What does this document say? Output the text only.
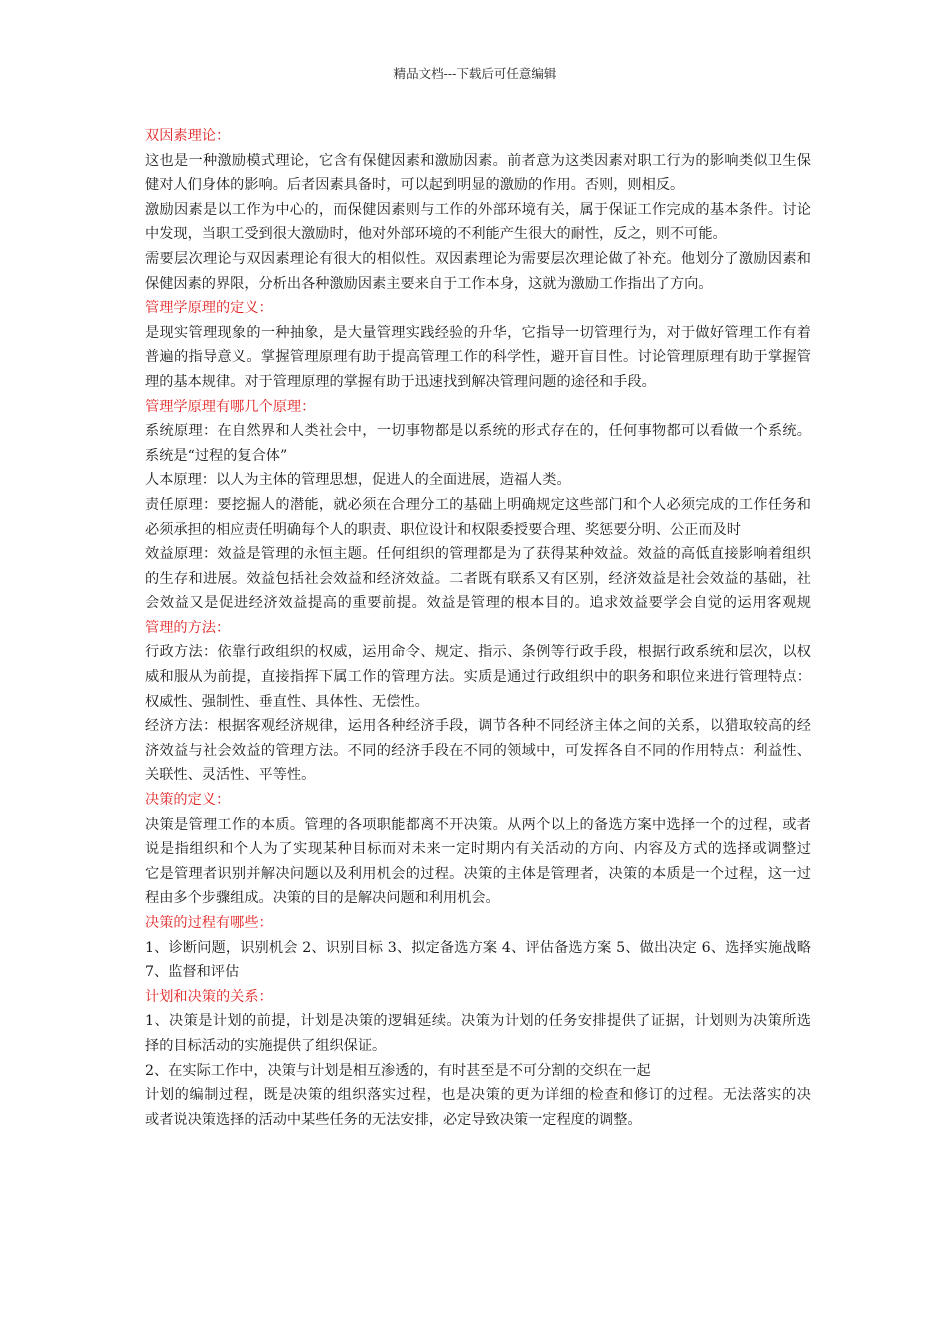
精品文档---下载后可任意编辑
双因素理论：
这也是一种激励模式理论，它含有保健因素和激励因素。前者意为这类因素对职工行为的影响类似卫生保
健对人们身体的影响。后者因素具备时，可以起到明显的激励的作用。否则，则相反。
激励因素是以工作为中心的，而保健因素则与工作的外部环境有关，属于保证工作完成的基本条件。讨论
中发现，当职工受到很大激励时，他对外部环境的不利能产生很大的耐性，反之，则不可能。
需要层次理论与双因素理论有很大的相似性。双因素理论为需要层次理论做了补充。他划分了激励因素和
保健因素的界限，分析出各种激励因素主要来自于工作本身，这就为激励工作指出了方向。
管理学原理的定义：
是现实管理现象的一种抽象，是大量管理实践经验的升华，它指导一切管理行为，对于做好管理工作有着
普遍的指导意义。掌握管理原理有助于提高管理工作的科学性，避开盲目性。讨论管理原理有助于掌握管
理的基本规律。对于管理原理的掌握有助于迅速找到解决管理问题的途径和手段。
管理学原理有哪几个原理：
系统原理：在自然界和人类社会中，一切事物都是以系统的形式存在的，任何事物都可以看做一个系统。
系统是“过程的复合体”
人本原理：以人为主体的管理思想，促进人的全面进展，造福人类。
责任原理：要挖掘人的潜能，就必须在合理分工的基础上明确规定这些部门和个人必须完成的工作任务和
必须承担的相应责任明确每个人的职责、职位设计和权限委授要合理、奖惩要分明、公正而及时
效益原理：效益是管理的永恒主题。任何组织的管理都是为了获得某种效益。效益的高低直接影响着组织
的生存和进展。效益包括社会效益和经济效益。二者既有联系又有区别，经济效益是社会效益的基础，社
会效益又是促进经济效益提高的重要前提。效益是管理的根本目的。追求效益要学会自觉的运用客观规
管理的方法：
行政方法：依靠行政组织的权威，运用命令、规定、指示、条例等行政手段，根据行政系统和层次，以权
威和服从为前提，直接指挥下属工作的管理方法。实质是通过行政组织中的职务和职位来进行管理特点：
权威性、强制性、垂直性、具体性、无偿性。
经济方法：根据客观经济规律，运用各种经济手段，调节各种不同经济主体之间的关系，以猎取较高的经
济效益与社会效益的管理方法。不同的经济手段在不同的领域中，可发挥各自不同的作用特点：利益性、
关联性、灵活性、平等性。
决策的定义：
决策是管理工作的本质。管理的各项职能都离不开决策。从两个以上的备选方案中选择一个的过程，或者
说是指组织和个人为了实现某种目标而对未来一定时期内有关活动的方向、内容及方式的选择或调整过
它是管理者识别并解决问题以及利用机会的过程。决策的主体是管理者，决策的本质是一个过程，这一过
程由多个步骤组成。决策的目的是解决问题和利用机会。
决策的过程有哪些：
1、诊断问题，识别机会 2、识别目标 3、拟定备选方案 4、评估备选方案 5、做出决定 6、选择实施战略
7、监督和评估
计划和决策的关系：
1、决策是计划的前提，计划是决策的逻辑延续。决策为计划的任务安排提供了证据，计划则为决策所选
择的目标活动的实施提供了组织保证。
2、在实际工作中，决策与计划是相互渗透的，有时甚至是不可分割的交织在一起
计划的编制过程，既是决策的组织落实过程，也是决策的更为详细的检查和修订的过程。无法落实的决
或者说决策选择的活动中某些任务的无法安排，必定导致决策一定程度的调整。
